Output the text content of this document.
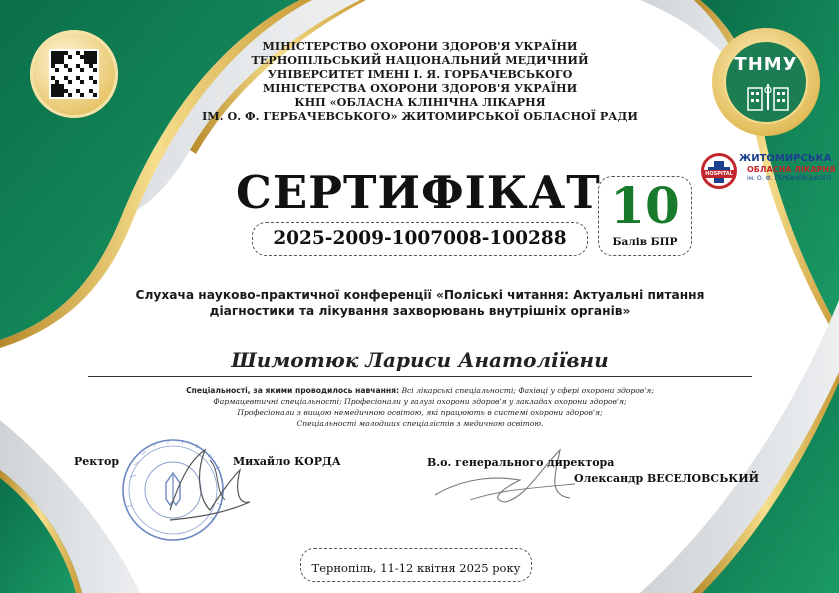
ТНМУ
HOSPITAL
ЖИТОМИРСЬКА
ОБЛАСНА ЛІКАРНЯ
ім. О. Ф. ГЕРБАЧЕВСЬКОГО
МІНІСТЕРСТВО ОХОРОНИ ЗДОРОВ'Я УКРАЇНИ
ТЕРНОПІЛЬСЬКИЙ НАЦІОНАЛЬНИЙ МЕДИЧНИЙ
УНІВЕРСИТЕТ ІМЕНІ І. Я. ГОРБАЧЕВСЬКОГО
МІНІСТЕРСТВА ОХОРОНИ ЗДОРОВ'Я УКРАЇНИ
КНП «ОБЛАСНА КЛІНІЧНА ЛІКАРНЯ
ІМ. О. Ф. ГЕРБАЧЕВСЬКОГО» ЖИТОМИРСЬКОЇ ОБЛАСНОЇ РАДИ
СЕРТИФІКАТ
2025-2009-1007008-100288
10
Балів БПР
Слухача науково-практичної конференції «Поліські читання: Актуальні питання
діагностики та лікування захворювань внутрішніх органів»
Шимотюк Лариси Анатоліївни
Спеціальності, за якими проводилось навчання: Всі лікарські спеціальності; Фахівці у сфері охорони здоров'я;
Фармацевтичні спеціальності; Професіонали у галузі охорони здоров'я у закладах охорони здоров'я;
Професіонали з вищою немедичною освітою, які працюють в системі охорони здоров'я;
Спеціальності молодших спеціалістів з медичною освітою.
Ректор	Михайло КОРДА	В.о. генерального директора
Олександр ВЕСЕЛОВСЬКИЙ
Тернопіль, 11-12 квітня 2025 року
